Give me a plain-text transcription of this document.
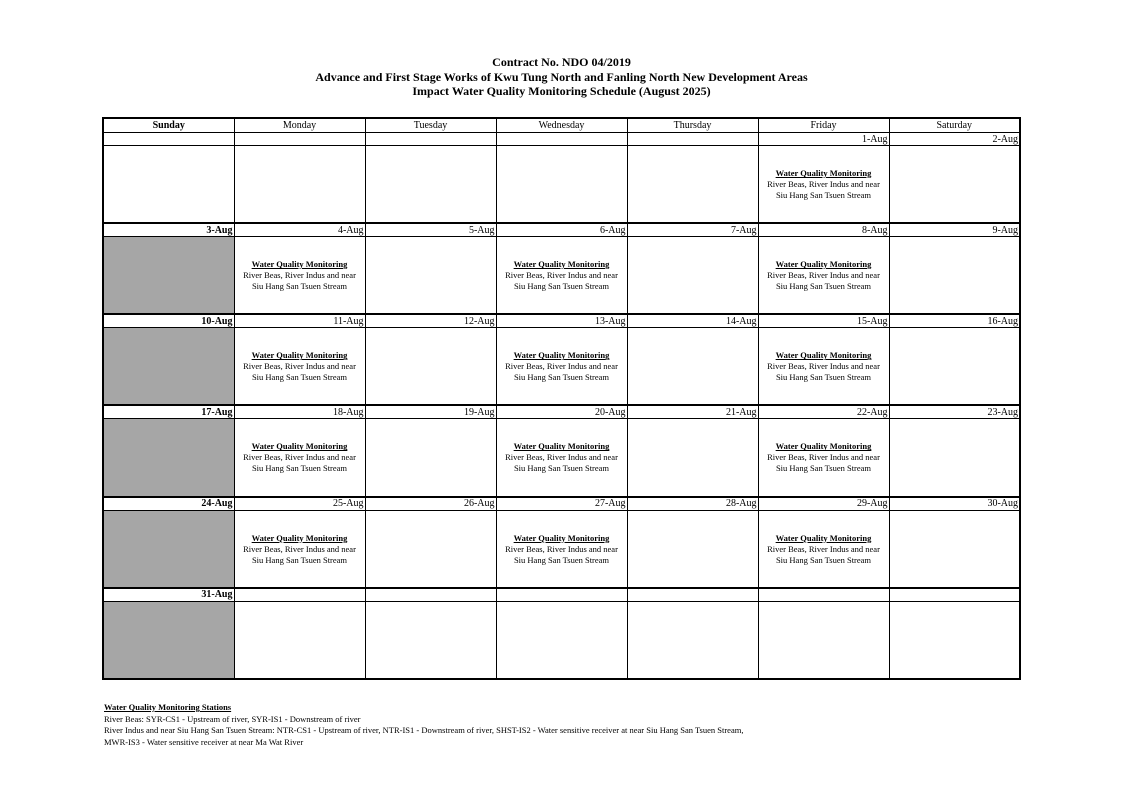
Contract No. NDO 04/2019
Advance and First Stage Works of Kwu Tung North and Fanling North New Development Areas
Impact Water Quality Monitoring Schedule (August 2025)
Sunday	Monday	Tuesday	Wednesday	Thursday	Friday	Saturday
					1-Aug	2-Aug

					Water Quality Monitoring
River Beas, River Indus and near
Siu Hang San Tsuen Stream	

3-Aug	4-Aug	5-Aug	6-Aug	7-Aug	8-Aug	9-Aug

	Water Quality Monitoring
River Beas, River Indus and near
Siu Hang San Tsuen Stream		Water Quality Monitoring
River Beas, River Indus and near
Siu Hang San Tsuen Stream		Water Quality Monitoring
River Beas, River Indus and near
Siu Hang San Tsuen Stream	

10-Aug	11-Aug	12-Aug	13-Aug	14-Aug	15-Aug	16-Aug

	Water Quality Monitoring
River Beas, River Indus and near
Siu Hang San Tsuen Stream		Water Quality Monitoring
River Beas, River Indus and near
Siu Hang San Tsuen Stream		Water Quality Monitoring
River Beas, River Indus and near
Siu Hang San Tsuen Stream	

17-Aug	18-Aug	19-Aug	20-Aug	21-Aug	22-Aug	23-Aug

	Water Quality Monitoring
River Beas, River Indus and near
Siu Hang San Tsuen Stream		Water Quality Monitoring
River Beas, River Indus and near
Siu Hang San Tsuen Stream		Water Quality Monitoring
River Beas, River Indus and near
Siu Hang San Tsuen Stream	

24-Aug	25-Aug	26-Aug	27-Aug	28-Aug	29-Aug	30-Aug

	Water Quality Monitoring
River Beas, River Indus and near
Siu Hang San Tsuen Stream		Water Quality Monitoring
River Beas, River Indus and near
Siu Hang San Tsuen Stream		Water Quality Monitoring
River Beas, River Indus and near
Siu Hang San Tsuen Stream	

31-Aug						

Water Quality Monitoring Stations
River Beas: SYR-CS1 - Upstream of river, SYR-IS1 - Downstream of river
River Indus and near Siu Hang San Tsuen Stream: NTR-CS1 - Upstream of river, NTR-IS1 - Downstream of river, SHST-IS2 - Water sensitive receiver at near Siu Hang San Tsuen Stream,
MWR-IS3 - Water sensitive receiver at near Ma Wat River
